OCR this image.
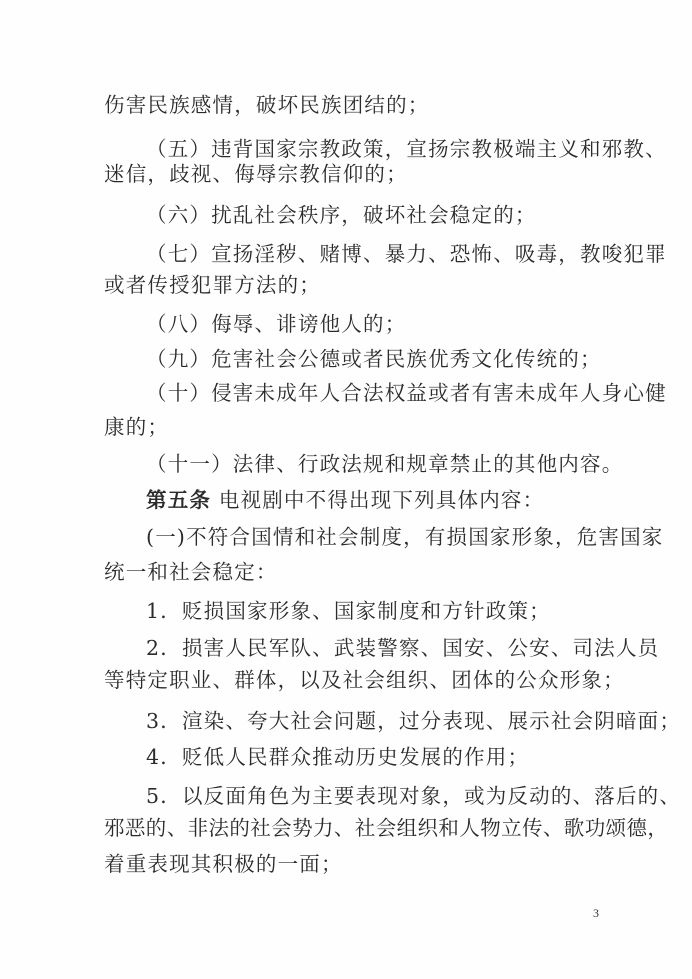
伤害民族感情，破坏民族团结的；
（五）违背国家宗教政策，宣扬宗教极端主义和邪教、
迷信，歧视、侮辱宗教信仰的；
（六）扰乱社会秩序，破坏社会稳定的；
（七）宣扬淫秽、赌博、暴力、恐怖、吸毒，教唆犯罪
或者传授犯罪方法的；
（八）侮辱、诽谤他人的；
（九）危害社会公德或者民族优秀文化传统的；
（十）侵害未成年人合法权益或者有害未成年人身心健
康的；
（十一）法律、行政法规和规章禁止的其他内容。
第五条 电视剧中不得出现下列具体内容：
(一)不符合国情和社会制度，有损国家形象，危害国家
统一和社会稳定：
1．贬损国家形象、国家制度和方针政策；
2．损害人民军队、武装警察、国安、公安、司法人员
等特定职业、群体，以及社会组织、团体的公众形象；
3．渲染、夸大社会问题，过分表现、展示社会阴暗面；
4．贬低人民群众推动历史发展的作用；
5．以反面角色为主要表现对象，或为反动的、落后的、
邪恶的、非法的社会势力、社会组织和人物立传、歌功颂德，
着重表现其积极的一面；
3
